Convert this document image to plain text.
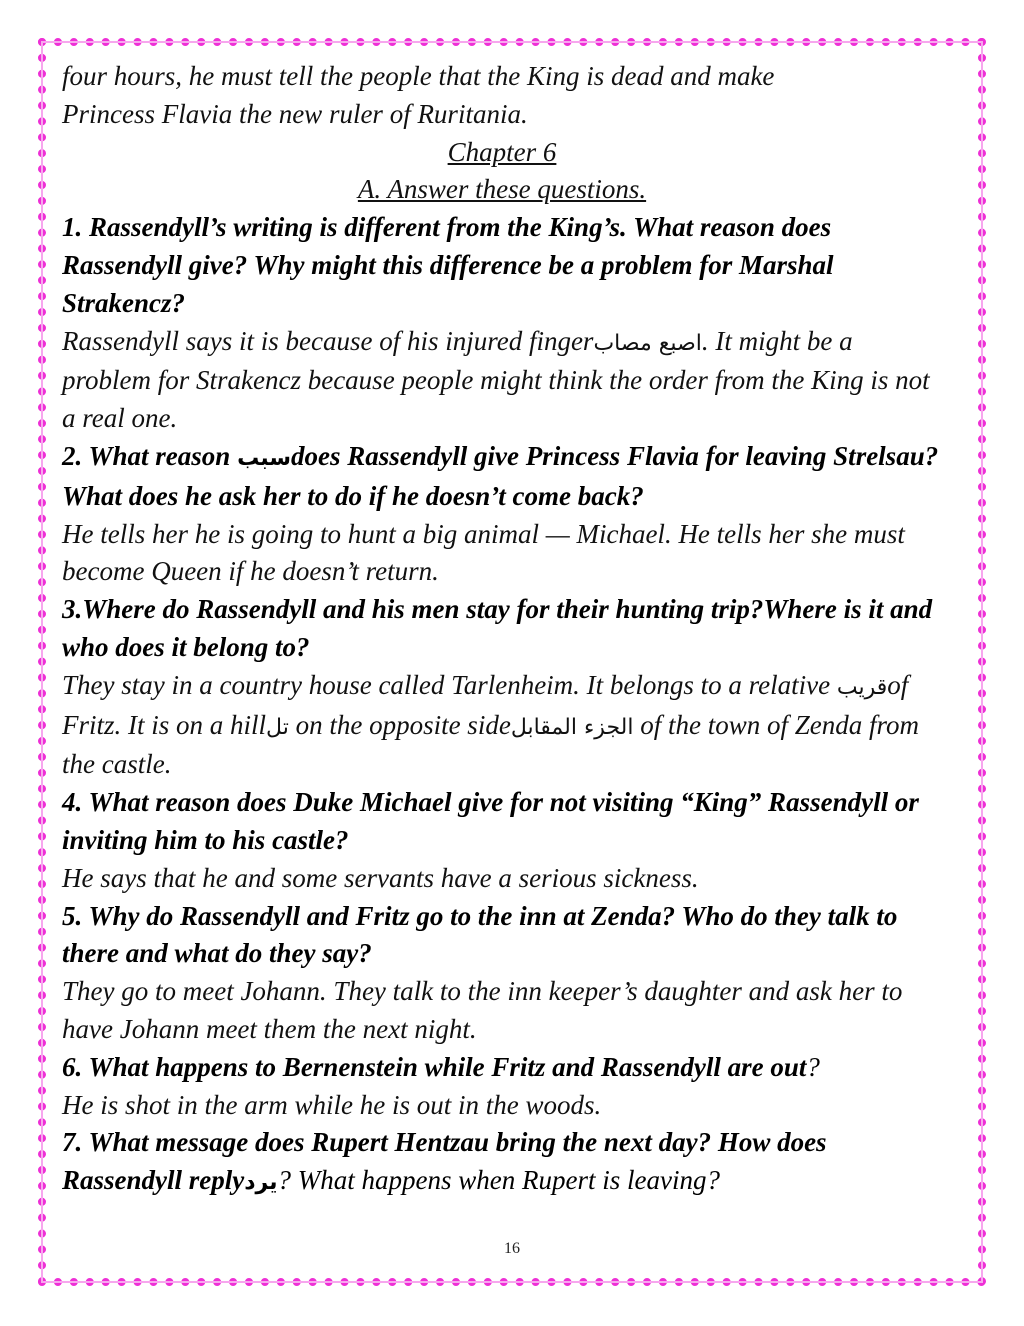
four hours, he must tell the people that the King is dead and make

Princess Flavia the new ruler of Ruritania.

Chapter 6

A. Answer these questions.

1. Rassendyll’s writing is different from the King’s. What reason does Rassendyll give? Why might this difference be a problem for Marshal Strakencz?

Rassendyll says it is because of his injured fingerاصبع مصاب. It might be a problem for Strakencz because people might think the order from the King is not a real one.

2. What reason سببdoes Rassendyll give Princess Flavia for leaving Strelsau? What does he ask her to do if he doesn’t come back?

He tells her he is going to hunt a big animal — Michael. He tells her she must become Queen if he doesn’t return.

3.Where do Rassendyll and his men stay for their hunting trip?Where is it and who does it belong to?

They stay in a country house called Tarlenheim. It belongs to a relative قريبof Fritz. It is on a hillتل on the opposite sideالجزء المقابل of the town of Zenda from the castle.

4. What reason does Duke Michael give for not visiting “King” Rassendyll or inviting him to his castle?

He says that he and some servants have a serious sickness.

5. Why do Rassendyll and Fritz go to the inn at Zenda? Who do they talk to there and what do they say?

They go to meet Johann. They talk to the inn keeper’s daughter and ask her to have Johann meet them the next night.

6. What happens to Bernenstein while Fritz and Rassendyll are out?

He is shot in the arm while he is out in the woods.

7. What message does Rupert Hentzau bring the next day? How does Rassendyll replyيرد? What happens when Rupert is leaving?

16
